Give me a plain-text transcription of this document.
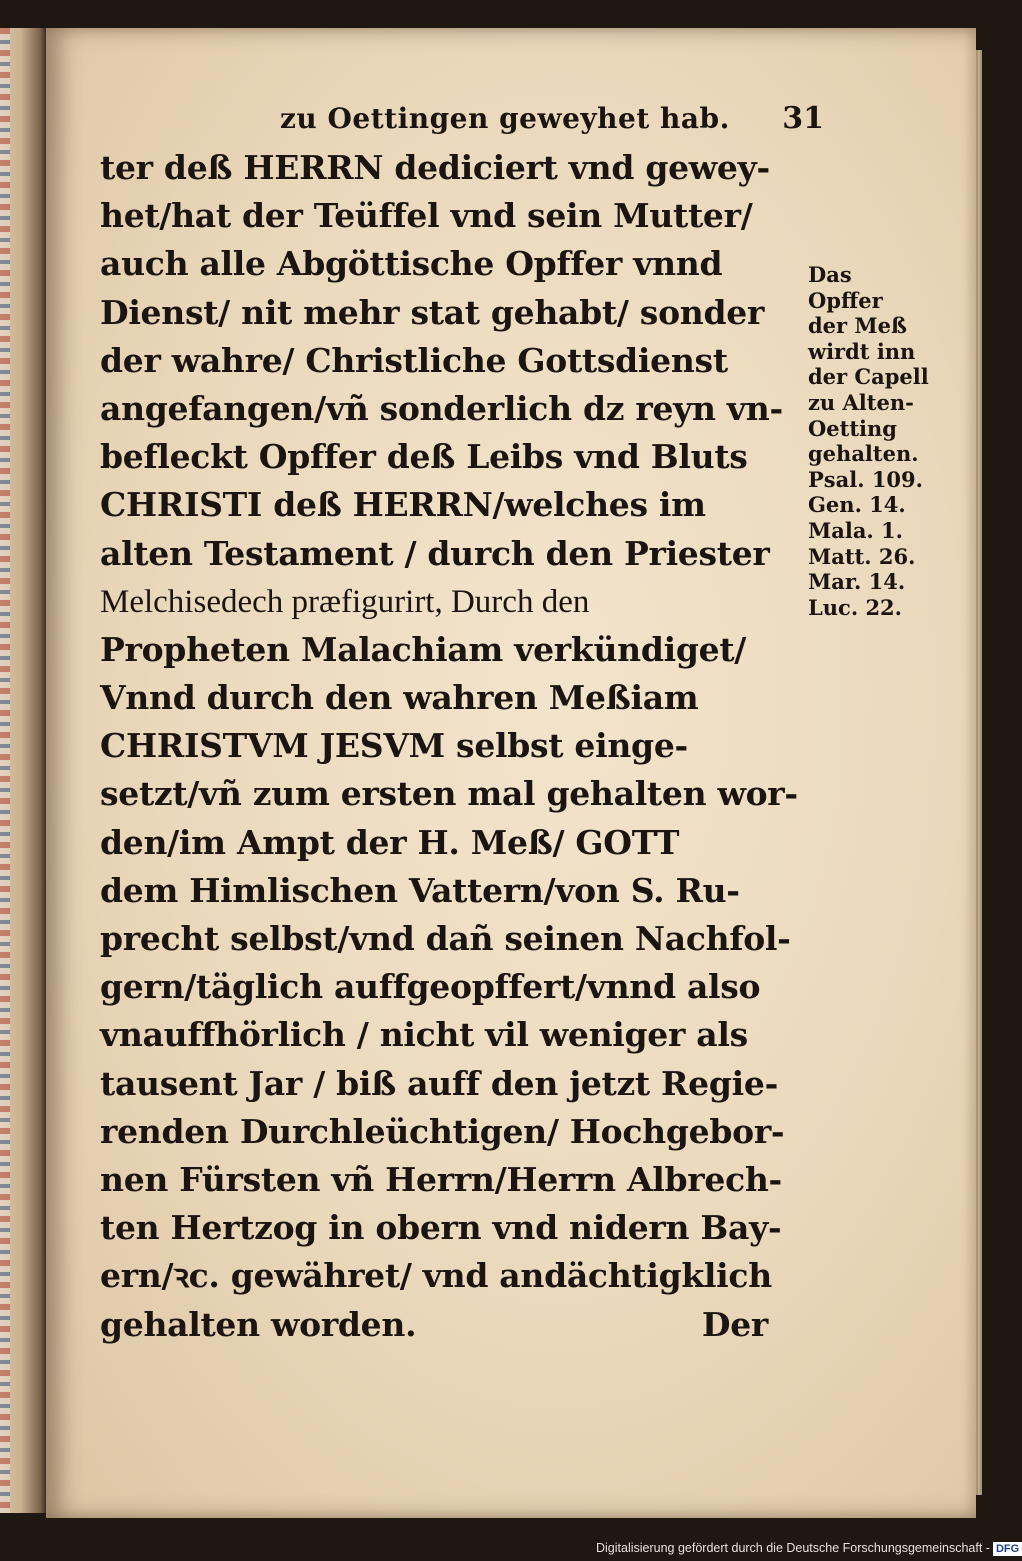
zu Oettingen geweyhet hab. 31
ter deß HERRN dediciert vnd gewey-
het/hat der Teüffel vnd sein Mutter/
auch alle Abgöttische Opffer vnnd
Dienst/ nit mehr stat gehabt/ sonder
der wahre/ Christliche Gottsdienst
angefangen/vñ sonderlich dz reyn vn-
befleckt Opffer deß Leibs vnd Bluts
CHRISTI deß HERRN/welches im
alten Testament / durch den Priester
Melchisedech præfigurirt, Durch den
Propheten Malachiam verkündiget/
Vnnd durch den wahren Meßiam
CHRISTVM JESVM selbst einge-
setzt/vñ zum ersten mal gehalten wor-
den/im Ampt der H. Meß/ GOTT
dem Himlischen Vattern/von S. Ru-
precht selbst/vnd dañ seinen Nachfol-
gern/täglich auffgeopffert/vnnd also
vnauffhörlich / nicht vil weniger als
tausent Jar / biß auff den jetzt Regie-
renden Durchleüchtigen/ Hochgebor-
nen Fürsten vñ Herrn/Herrn Albrech-
ten Hertzog in obern vnd nidern Bay-
ern/ꝛc. gewähret/ vnd andächtigklich
gehalten worden.	Der
Das
Opffer
der Meß
wirdt inn
der Capell
zu Alten-
Oetting
gehalten.
Psal. 109.
Gen. 14.
Mala. 1.
Matt. 26.
Mar. 14.
Luc. 22.
Digitalisierung gefördert durch die Deutsche Forschungsgemeinschaft - DFG
